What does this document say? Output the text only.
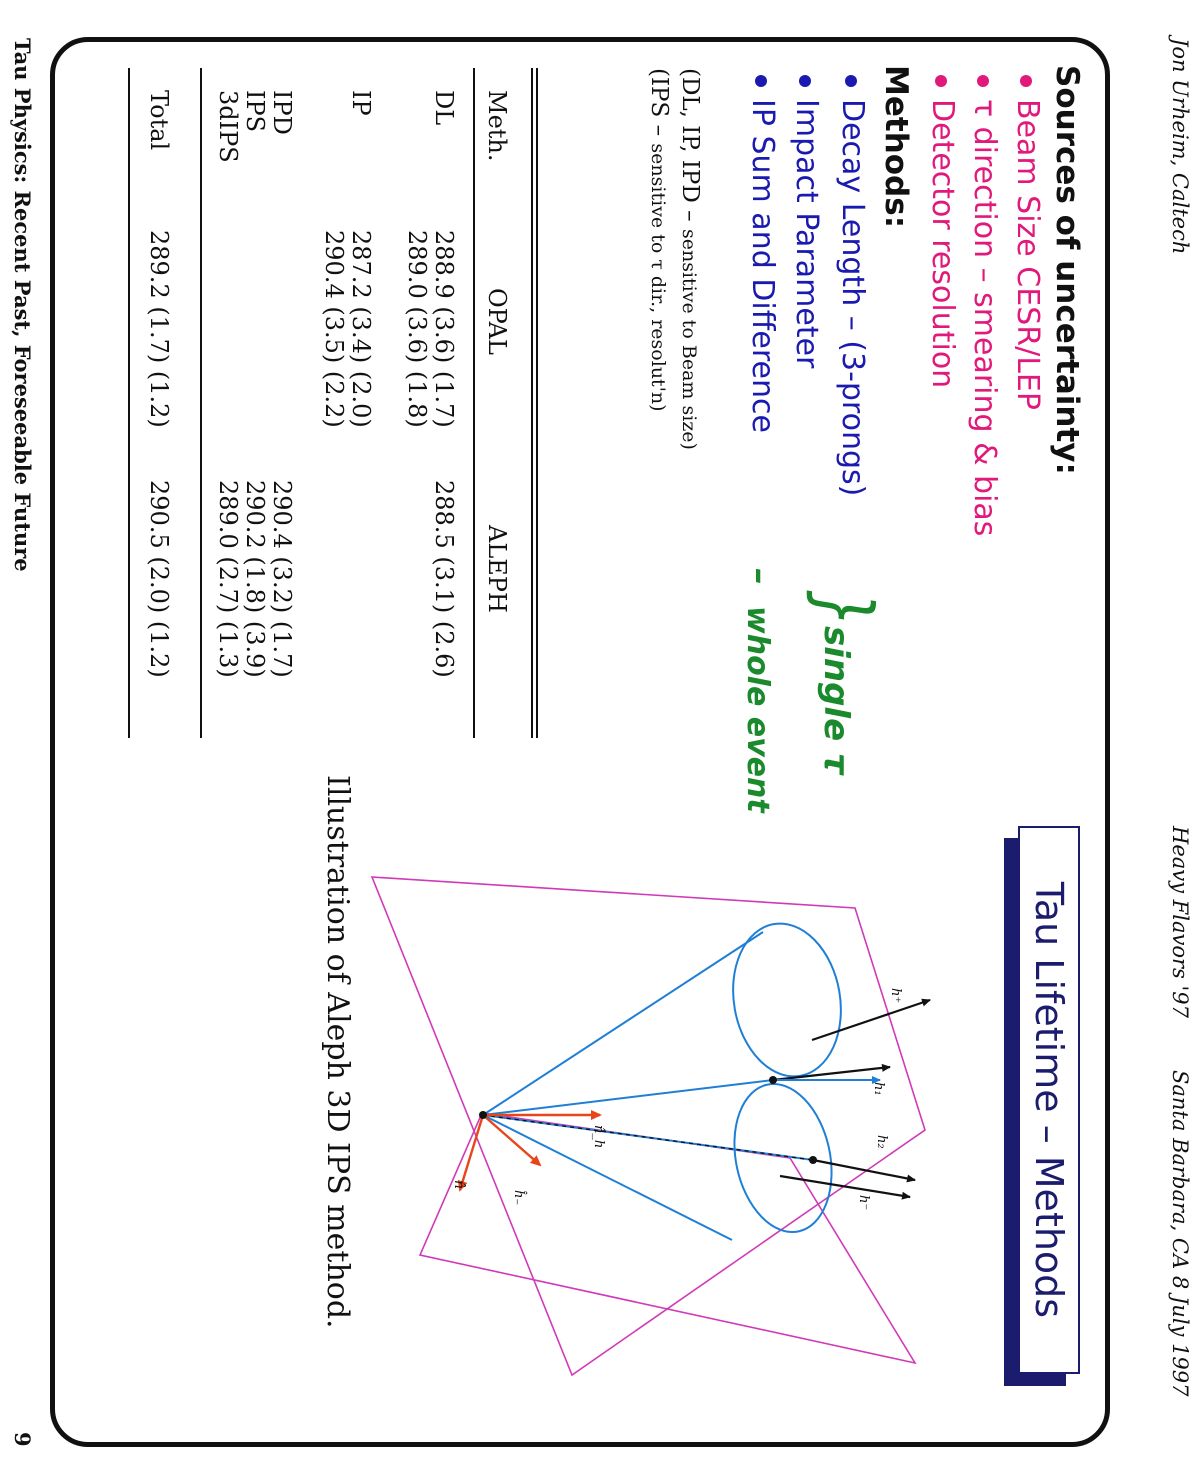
Tau Physics: Recent Past, Foreseeable Future
9
Jon Urheim, Caltech
Heavy Flavors '97
Santa Barbara, CA 8 July 1997
Tau Lifetime – Methods
Sources of uncertainty:
Beam Size CESR/LEP
τ direction – smearing & bias
Detector resolution
Methods:
Decay Length – (3-prongs)
Impact Parameter
IP Sum and Difference
}
single τ
–
whole event
(DL, IP, IPD – sensitive to Beam size)
(IPS – sensitive to τ dir., resolut'n)
Meth.
OPAL
ALEPH
DL
288.9 (3.6) (1.7)
289.0 (3.6) (1.8)
288.5 (3.1) (2.6)
IP
287.2 (3.4) (2.0)
290.4 (3.5) (2.2)
IPD
IPS
3dIPS
290.4 (3.2) (1.7)
290.2 (1.8) (3.9)
289.0 (2.7) (1.3)
Total
289.2 (1.7) (1.2)
290.5 (2.0) (1.2)
h⁺
h₁
h₂
h⁻
n̂_h
n̂
ĥ₋
Illustration of Aleph 3D IPS method.
